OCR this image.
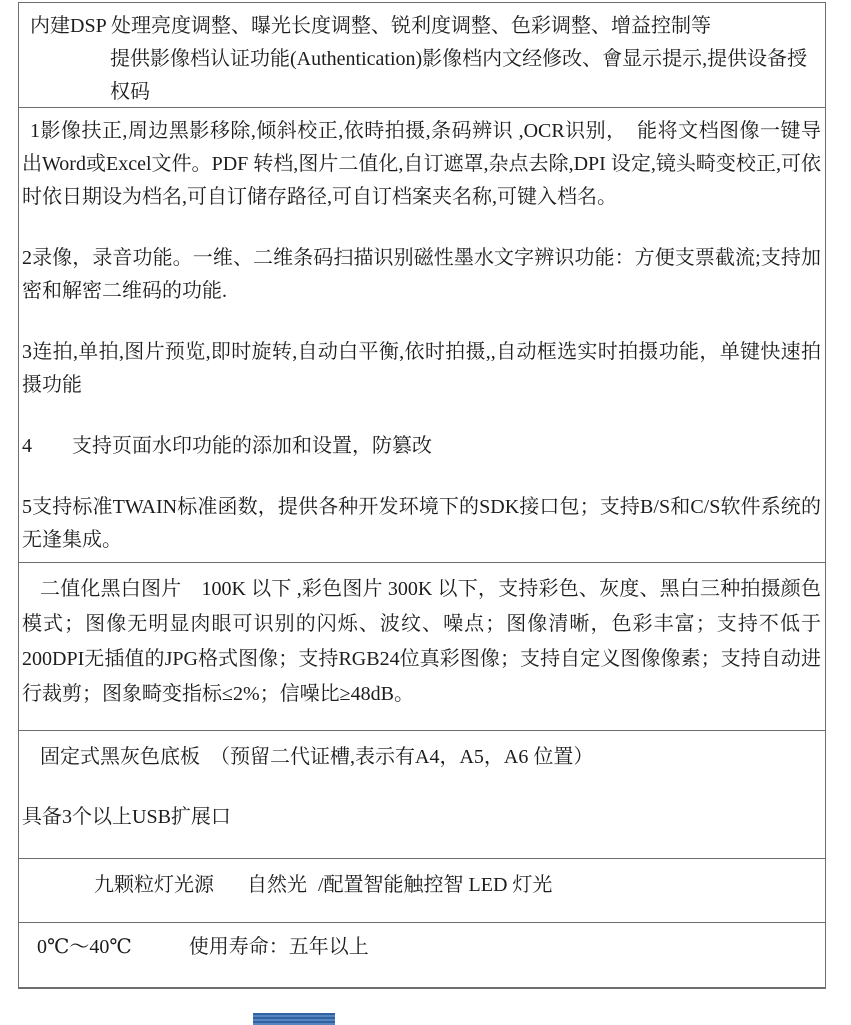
内建DSP 处理亮度调整、曝光长度调整、锐利度调整、色彩调整、增益控制等

提供影像档认证功能(Authentication)影像档内文经修改、會显示提示,提供设备授权码

1影像扶正,周边黑影移除,倾斜校正,依時拍摄,条码辨识 ,OCR识别，　能将文档图像一键导出Word或Excel文件。PDF 转档,图片二值化,自订遮罩,杂点去除,DPI 设定,镜头畸变校正,可依时依日期设为档名,可自订储存路径,可自订档案夹名称,可键入档名。

2录像，录音功能。一维、二维条码扫描识别磁性墨水文字辨识功能：方便支票截流;支持加密和解密二维码的功能.

3连拍,单拍,图片预览,即时旋转,自动白平衡,依时拍摄,,自动框选实时拍摄功能，单键快速拍摄功能

4　　支持页面水印功能的添加和设置，防篡改

5支持标准TWAIN标准函数，提供各种开发环境下的SDK接口包；支持B/S和C/S软件系统的无逢集成。

二值化黑白图片　100K 以下 ,彩色图片 300K 以下，支持彩色、灰度、黑白三种拍摄颜色模式；图像无明显肉眼可识别的闪烁、波纹、噪点；图像清晰，色彩丰富；支持不低于200DPI无插值的JPG格式图像；支持RGB24位真彩图像；支持自定义图像像素；支持自动进行裁剪；图象畸变指标≤2%；信噪比≥48dB。

固定式黑灰色底板　（预留二代证槽,表示有A4，A5，A6 位置）

具备3个以上USB扩展口

九颗粒灯光源 自然光 /配置智能触控智 LED 灯光
0℃～40℃	使用寿命：五年以上
